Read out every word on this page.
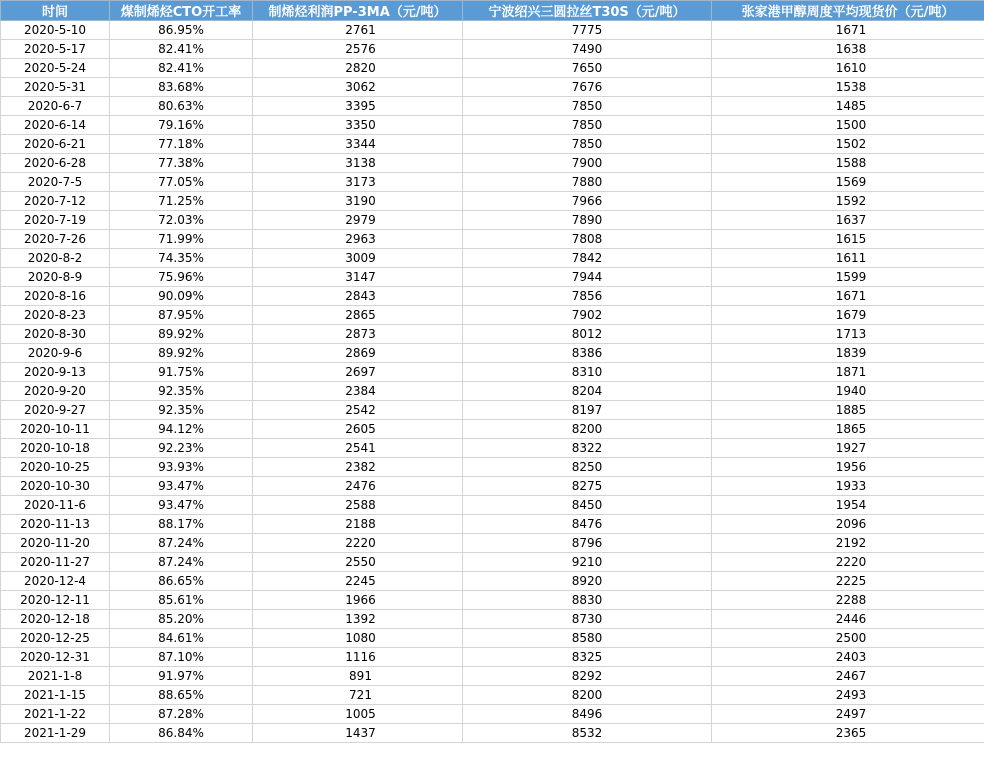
时间	煤制烯烃CTO开工率	制烯烃利润PP-3MA（元/吨）	宁波绍兴三圆拉丝T30S（元/吨）	张家港甲醇周度平均现货价（元/吨）
2020-5-10	86.95%	2761	7775	1671
2020-5-17	82.41%	2576	7490	1638
2020-5-24	82.41%	2820	7650	1610
2020-5-31	83.68%	3062	7676	1538
2020-6-7	80.63%	3395	7850	1485
2020-6-14	79.16%	3350	7850	1500
2020-6-21	77.18%	3344	7850	1502
2020-6-28	77.38%	3138	7900	1588
2020-7-5	77.05%	3173	7880	1569
2020-7-12	71.25%	3190	7966	1592
2020-7-19	72.03%	2979	7890	1637
2020-7-26	71.99%	2963	7808	1615
2020-8-2	74.35%	3009	7842	1611
2020-8-9	75.96%	3147	7944	1599
2020-8-16	90.09%	2843	7856	1671
2020-8-23	87.95%	2865	7902	1679
2020-8-30	89.92%	2873	8012	1713
2020-9-6	89.92%	2869	8386	1839
2020-9-13	91.75%	2697	8310	1871
2020-9-20	92.35%	2384	8204	1940
2020-9-27	92.35%	2542	8197	1885
2020-10-11	94.12%	2605	8200	1865
2020-10-18	92.23%	2541	8322	1927
2020-10-25	93.93%	2382	8250	1956
2020-10-30	93.47%	2476	8275	1933
2020-11-6	93.47%	2588	8450	1954
2020-11-13	88.17%	2188	8476	2096
2020-11-20	87.24%	2220	8796	2192
2020-11-27	87.24%	2550	9210	2220
2020-12-4	86.65%	2245	8920	2225
2020-12-11	85.61%	1966	8830	2288
2020-12-18	85.20%	1392	8730	2446
2020-12-25	84.61%	1080	8580	2500
2020-12-31	87.10%	1116	8325	2403
2021-1-8	91.97%	891	8292	2467
2021-1-15	88.65%	721	8200	2493
2021-1-22	87.28%	1005	8496	2497
2021-1-29	86.84%	1437	8532	2365
